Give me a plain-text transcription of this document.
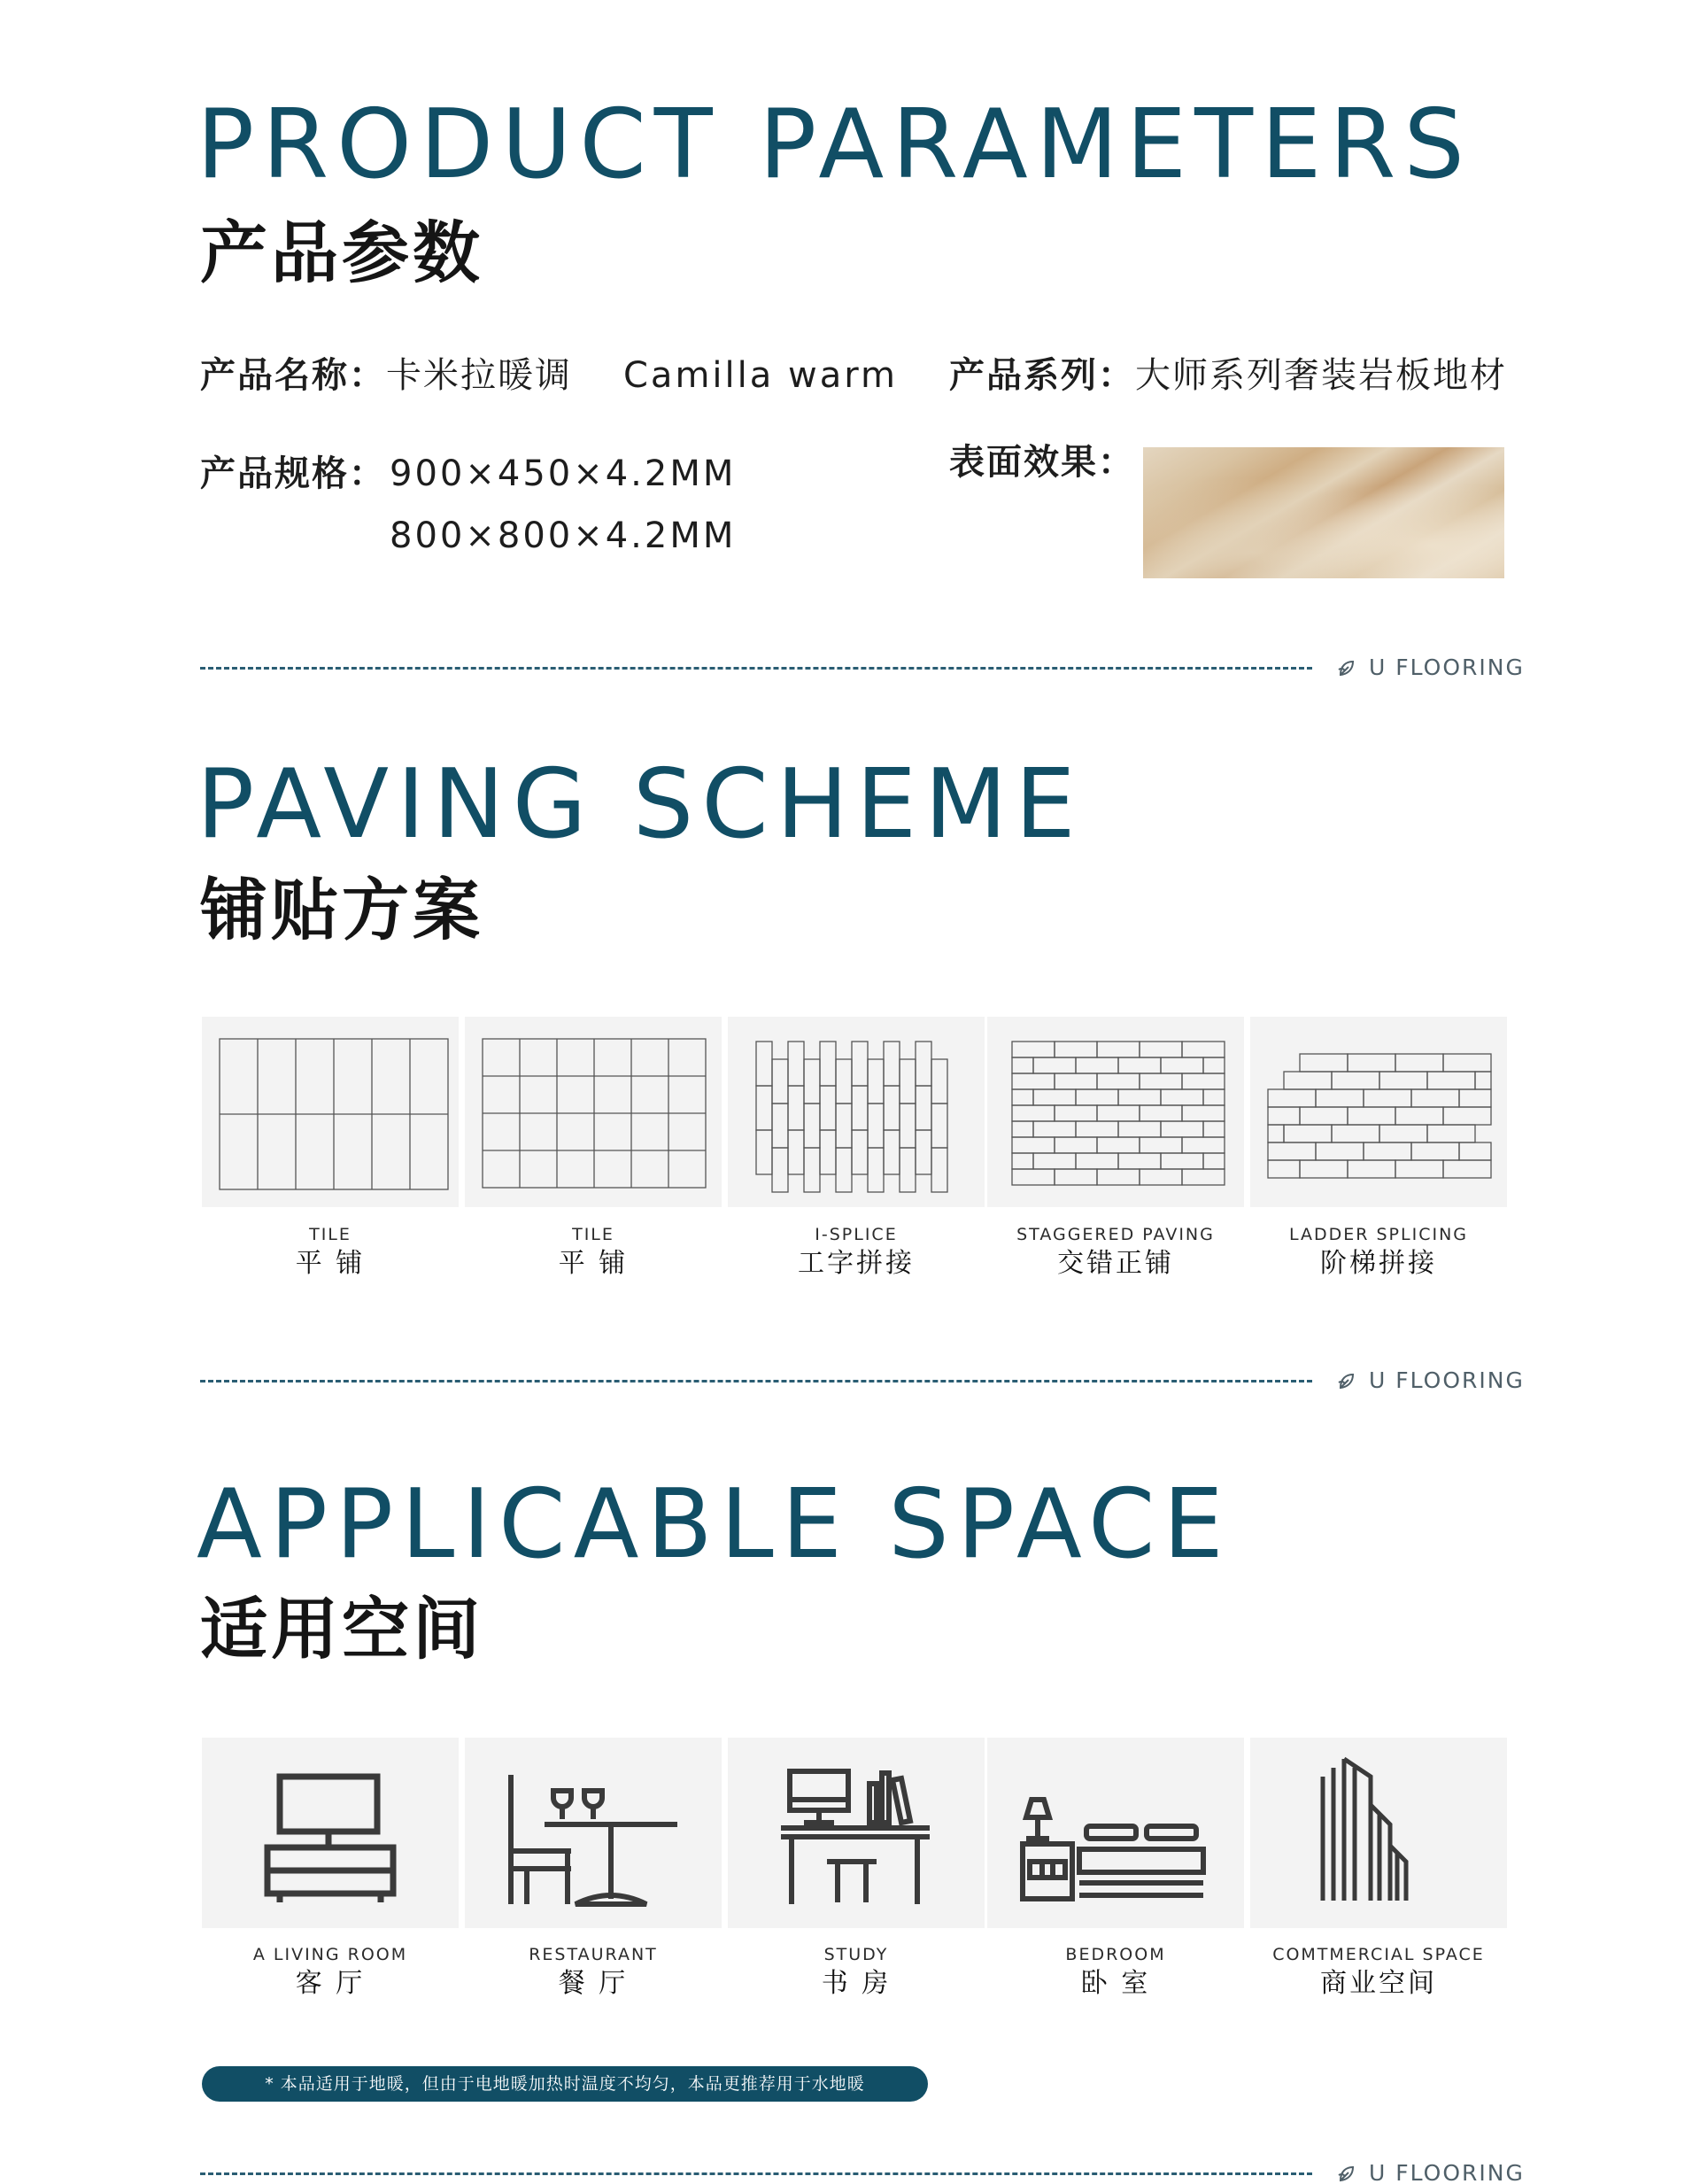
PRODUCT PARAMETERS
产品参数
产品名称：卡米拉暖调 Camilla warm 产品系列：大师系列奢装岩板地材
产品规格： 900×450×4.2MM
800×800×4.2MM
表面效果：
U FLOORING
PAVING SCHEME
铺贴方案
TILE
平 铺
TILE
平 铺
I-SPLICE
工字拼接
STAGGERED PAVING
交错正铺
LADDER SPLICING
阶梯拼接
U FLOORING
APPLICABLE SPACE
适用空间
A LIVING ROOM
客 厅
RESTAURANT
餐 厅
STUDY
书 房
BEDROOM
卧 室
COMTMERCIAL SPACE
商业空间
* 本品适用于地暖，但由于电地暖加热时温度不均匀，本品更推荐用于水地暖
U FLOORING
